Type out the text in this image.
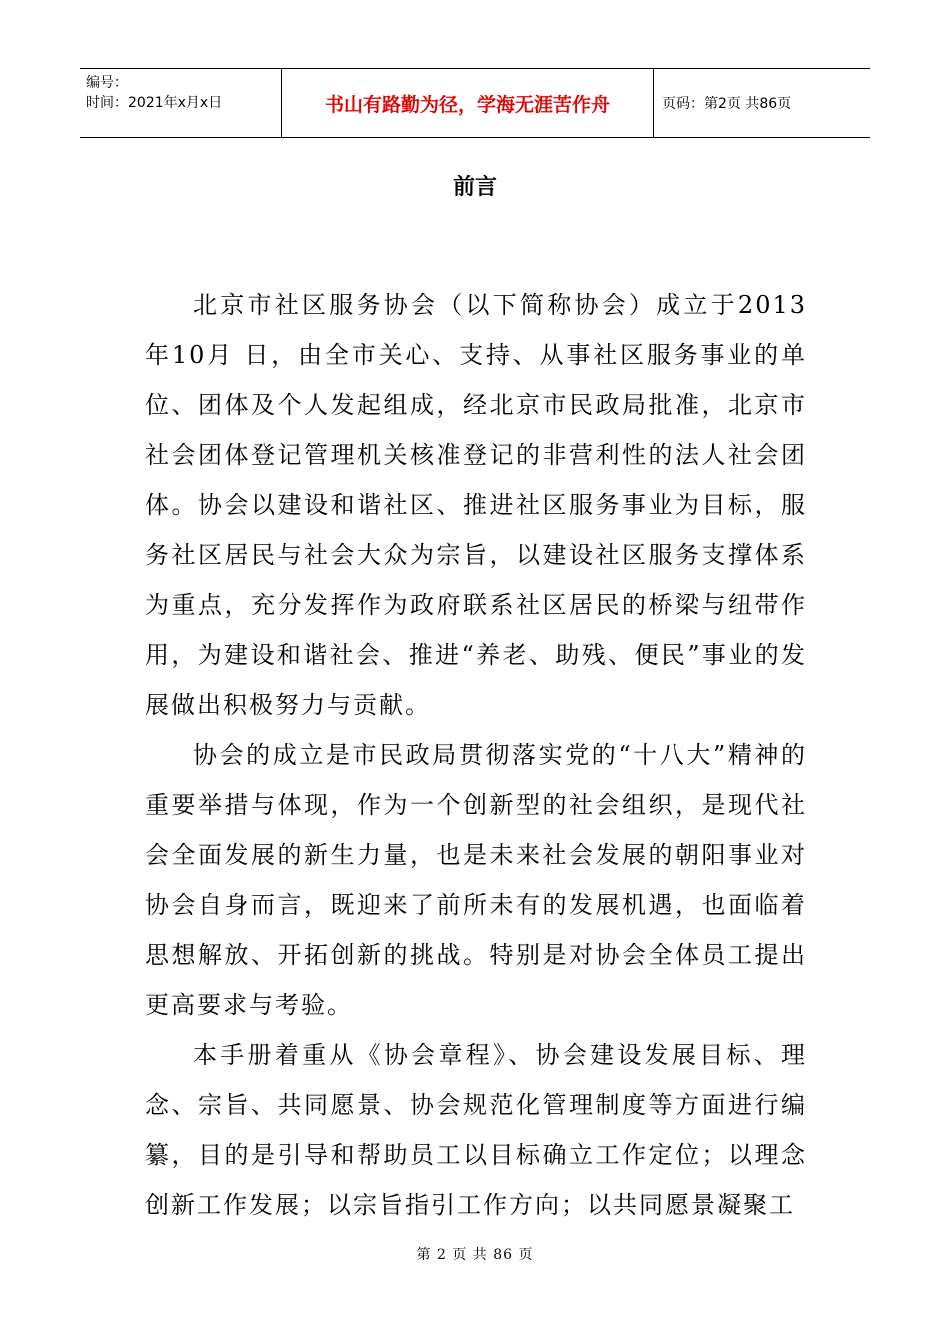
编号：
时间：2021年x月x日	书山有路勤为径，学海无涯苦作舟	页码：第2页 共86页
前言

北京市社区服务协会（以下简称协会）成立于2013年10月 日，由全市关心、支持、从事社区服务事业的单位、团体及个人发起组成，经北京市民政局批准，北京市社会团体登记管理机关核准登记的非营利性的法人社会团体。协会以建设和谐社区、推进社区服务事业为目标，服务社区居民与社会大众为宗旨，以建设社区服务支撑体系为重点，充分发挥作为政府联系社区居民的桥梁与纽带作用，为建设和谐社会、推进“养老、助残、便民”事业的发展做出积极努力与贡献。

协会的成立是市民政局贯彻落实党的“十八大”精神的重要举措与体现，作为一个创新型的社会组织，是现代社会全面发展的新生力量，也是未来社会发展的朝阳事业对协会自身而言，既迎来了前所未有的发展机遇，也面临着思想解放、开拓创新的挑战。特别是对协会全体员工提出更高要求与考验。

本手册着重从《协会章程》、协会建设发展目标、理念、宗旨、共同愿景、协会规范化管理制度等方面进行编纂，目的是引导和帮助员工以目标确立工作定位；以理念创新工作发展；以宗旨指引工作方向；以共同愿景凝聚工

第 2 页 共 86 页
